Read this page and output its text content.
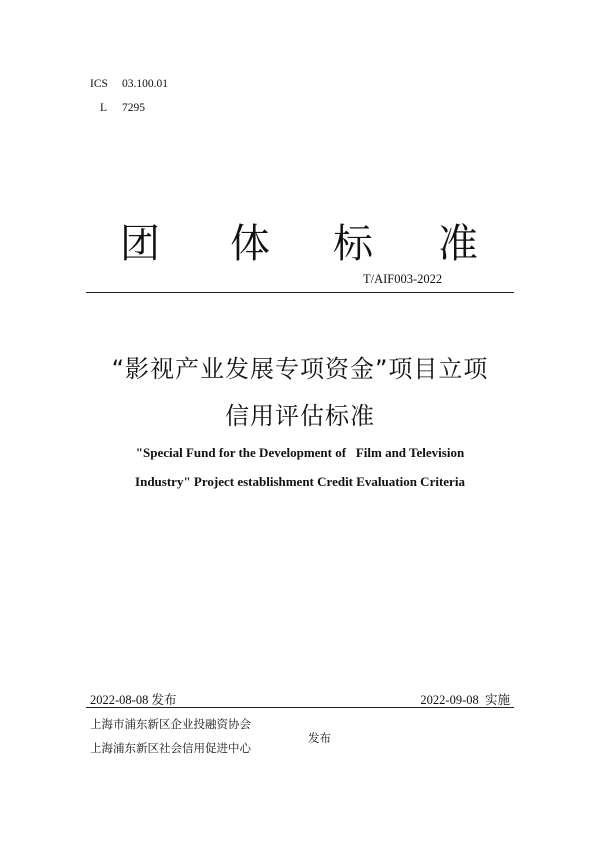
ICS 03.100.01
L 7295
团 体 标 准
T/AIF003-2022
“影视产业发展专项资金”项目立项
信用评估标准
"Special Fund for the Development of   Film and Television
Industry" Project establishment Credit Evaluation Criteria
2022-08-08 发布	2022-09-08  实施
上海市浦东新区企业投融资协会
上海浦东新区社会信用促进中心
发布
